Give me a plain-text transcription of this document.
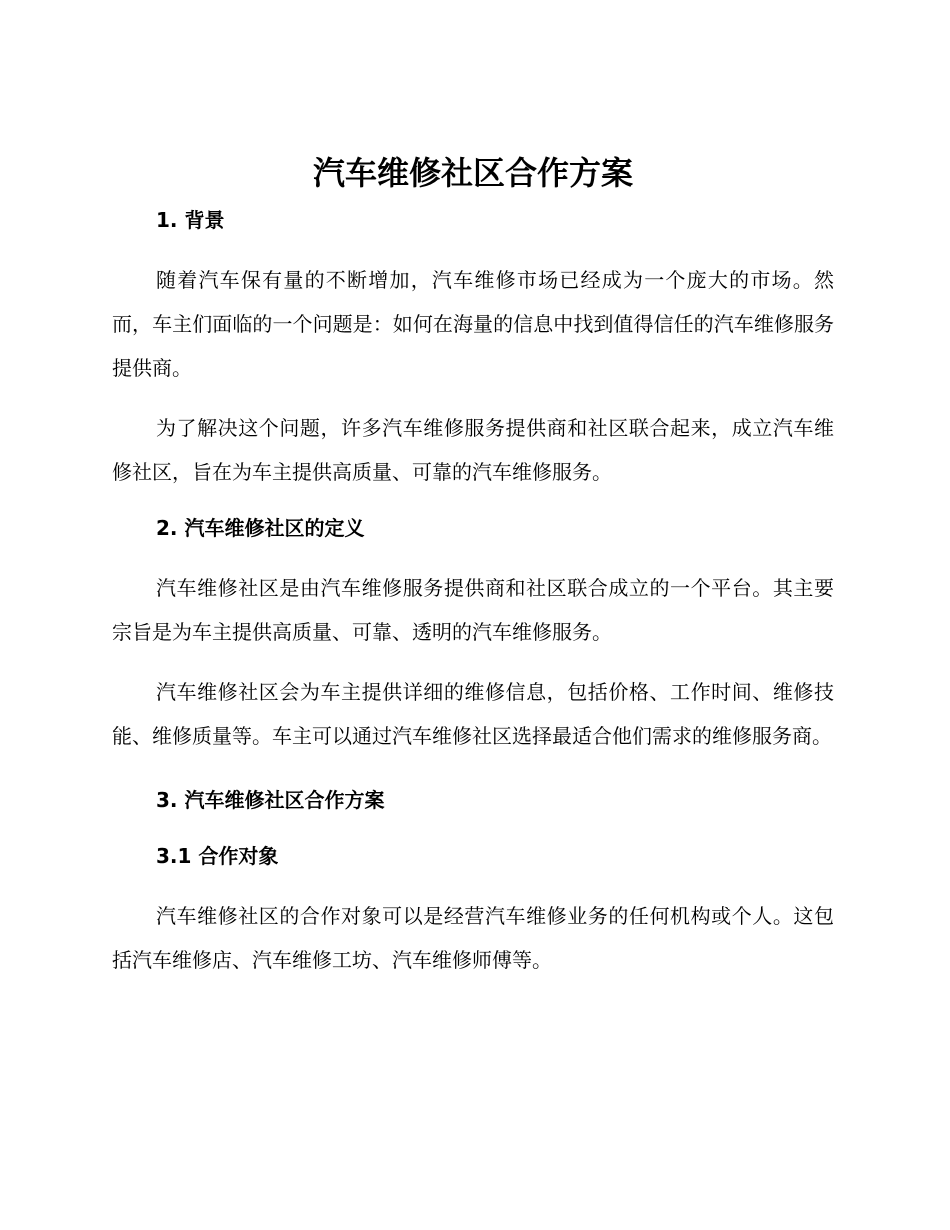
汽车维修社区合作方案
1. 背景

随着汽车保有量的不断增加，汽车维修市场已经成为一个庞大的市场。然而，车主们面临的一个问题是：如何在海量的信息中找到值得信任的汽车维修服务提供商。

为了解决这个问题，许多汽车维修服务提供商和社区联合起来，成立汽车维修社区，旨在为车主提供高质量、可靠的汽车维修服务。

2. 汽车维修社区的定义

汽车维修社区是由汽车维修服务提供商和社区联合成立的一个平台。其主要宗旨是为车主提供高质量、可靠、透明的汽车维修服务。

汽车维修社区会为车主提供详细的维修信息，包括价格、工作时间、维修技能、维修质量等。车主可以通过汽车维修社区选择最适合他们需求的维修服务商。

3. 汽车维修社区合作方案
3.1 合作对象

汽车维修社区的合作对象可以是经营汽车维修业务的任何机构或个人。这包括汽车维修店、汽车维修工坊、汽车维修师傅等。
